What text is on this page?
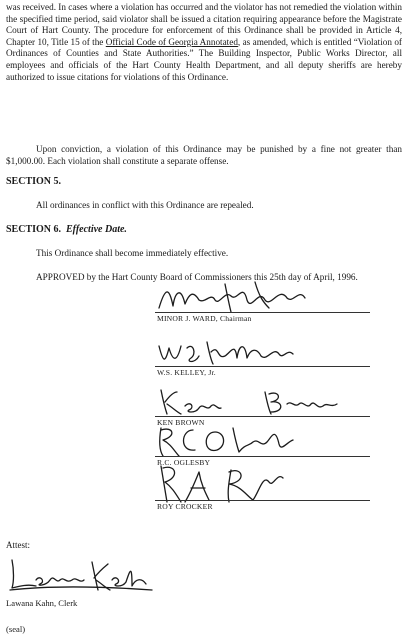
was received. In cases where a violation has occurred and the violator has not remedied the violation within the specified time period, said violator shall be issued a citation requiring appearance before the Magistrate Court of Hart County. The procedure for enforcement of this Ordinance shall be provided in Article 4, Chapter 10, Title 15 of the Official Code of Georgia Annotated, as amended, which is entitled “Violation of Ordinances of Counties and State Authorities.” The Building Inspector, Public Works Director, all employees and officials of the Hart County Health Department, and all deputy sheriffs are hereby authorized to issue citations for violations of this Ordinance.

Upon conviction, a violation of this Ordinance may be punished by a fine not greater than $1,000.00. Each violation shall constitute a separate offense.

SECTION 5.

All ordinances in conflict with this Ordinance are repealed.

SECTION 6. Effective Date.

This Ordinance shall become immediately effective.

APPROVED by the Hart County Board of Commissioners this 25th day of April, 1996.

MINOR J. WARD, Chairman
W.S. KELLEY, Jr.
KEN BROWN
R.C. OGLESBY
ROY CROCKER
Attest:
Lawana Kahn, Clerk
(seal)
